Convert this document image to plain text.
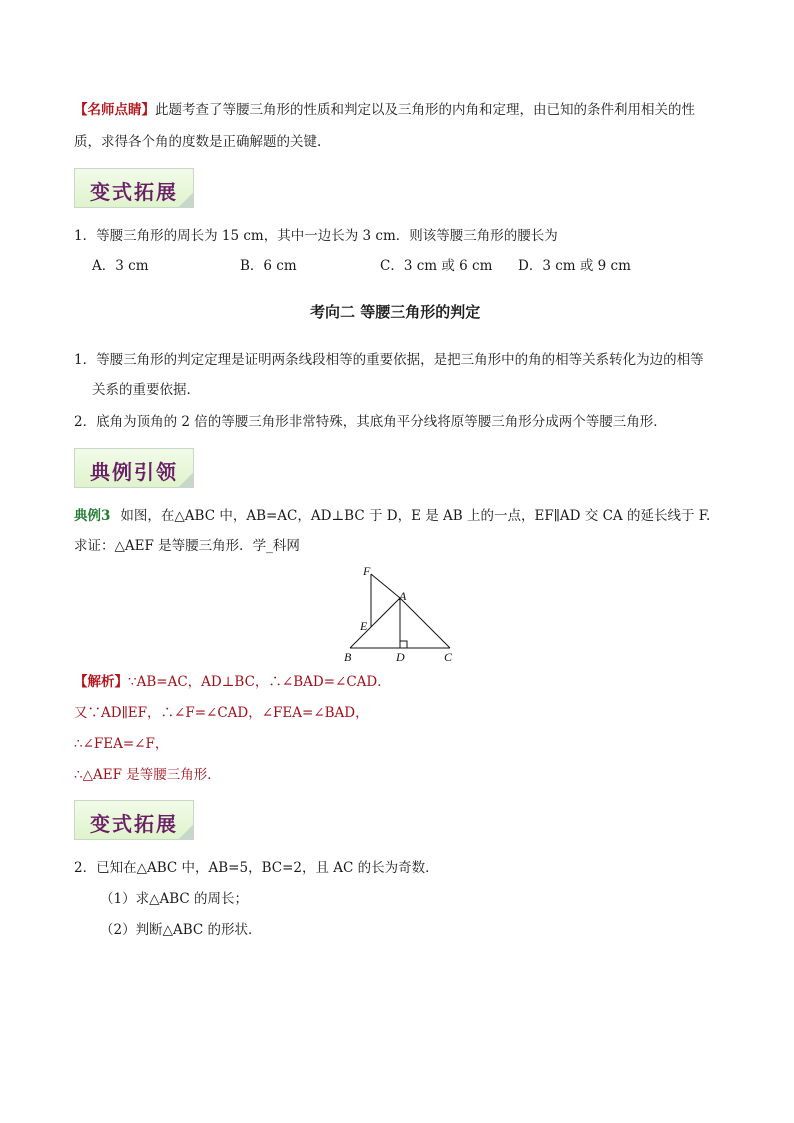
【名师点睛】此题考查了等腰三角形的性质和判定以及三角形的内角和定理，由已知的条件利用相关的性
质，求得各个角的度数是正确解题的关键.
变式拓展
1．等腰三角形的周长为 15 cm，其中一边长为 3 cm．则该等腰三角形的腰长为
A．3 cm	B．6 cm	C．3 cm 或 6 cm D．3 cm 或 9 cm
考向二 等腰三角形的判定
1．等腰三角形的判定定理是证明两条线段相等的重要依据，是把三角形中的角的相等关系转化为边的相等
关系的重要依据．
2．底角为顶角的 2 倍的等腰三角形非常特殊，其底角平分线将原等腰三角形分成两个等腰三角形．
典例引领
典例3 如图，在△ABC 中，AB=AC，AD⊥BC 于 D，E 是 AB 上的一点，EF∥AD 交 CA 的延长线于 F.
求证：△AEF 是等腰三角形．学_科网
F
A
E
B	D	C
【解析】∵AB=AC，AD⊥BC，∴∠BAD=∠CAD．
又∵AD∥EF，∴∠F=∠CAD，∠FEA=∠BAD，
∴∠FEA=∠F，
∴△AEF 是等腰三角形．
变式拓展
2．已知在△ABC 中，AB=5，BC=2，且 AC 的长为奇数．
（1）求△ABC 的周长；
（2）判断△ABC 的形状．
